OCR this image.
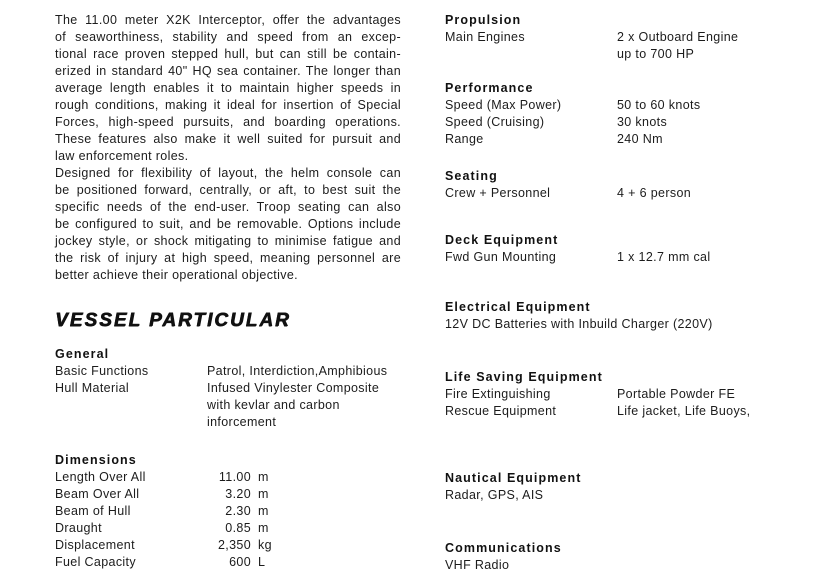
The 11.00 meter X2K Interceptor, offer the advantages
of seaworthiness, stability and speed from an excep-
tional race proven stepped hull, but can still be contain-
erized in standard 40" HQ sea container. The longer than
average length enables it to maintain higher speeds in
rough conditions, making it ideal for insertion of Special
Forces, high-speed pursuits, and boarding operations.
These features also make it well suited for pursuit and
law enforcement roles.
Designed for flexibility of layout, the helm console can
be positioned forward, centrally, or aft, to best suit the
specific needs of the end-user. Troop seating can also
be configured to suit, and be removable. Options include
jockey style, or shock mitigating to minimise fatigue and
the risk of injury at high speed, meaning personnel are
better achieve their operational objective.
VESSEL PARTICULAR
General
Basic Functions	Patrol, Interdiction,Amphibious
Hull Material	Infused Vinylester Composite
with kevlar and carbon
inforcement
Dimensions
Length Over All	11.00 m
Beam Over All	3.20 m
Beam of Hull	2.30 m
Draught	0.85 m
Displacement	2,350 kg
Fuel Capacity	600 L
Propulsion
Main Engines	2 x Outboard Engine
up to 700 HP
Performance
Speed (Max Power)	50 to 60 knots
Speed (Cruising)	30 knots
Range	240 Nm
Seating
Crew + Personnel	4 + 6 person
Deck Equipment
Fwd Gun Mounting	1 x 12.7 mm cal
Electrical Equipment
12V DC Batteries with Inbuild Charger (220V)
Life Saving Equipment
Fire Extinguishing	Portable Powder FE
Rescue Equipment	Life jacket, Life Buoys,
Nautical Equipment
Radar, GPS, AIS
Communications
VHF Radio
